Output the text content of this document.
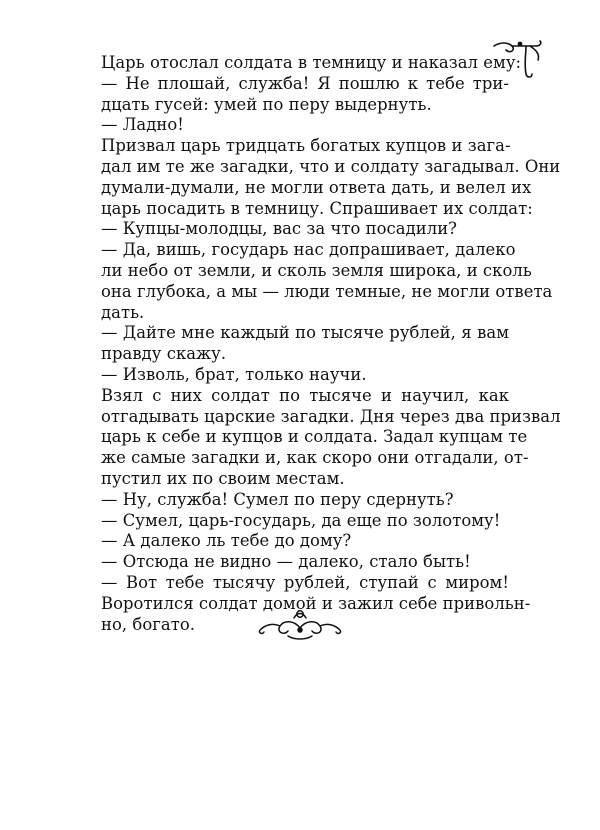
Царь отослал солдата в темницу и наказал ему:
— Не плошай, служба! Я пошлю к тебе три-
дцать гусей: умей по перу выдернуть.
— Ладно!
Призвал царь тридцать богатых купцов и зага-
дал им те же загадки, что и солдату загадывал. Они
думали-думали, не могли ответа дать, и велел их
царь посадить в темницу. Спрашивает их солдат:
— Купцы-молодцы, вас за что посадили?
— Да, вишь, государь нас допрашивает, далеко
ли небо от земли, и сколь земля широка, и сколь
она глубока, а мы — люди темные, не могли ответа
дать.
— Дайте мне каждый по тысяче рублей, я вам
правду скажу.
— Изволь, брат, только научи.
Взял с них солдат по тысяче и научил, как
отгадывать царские загадки. Дня через два призвал
царь к себе и купцов и солдата. Задал купцам те
же самые загадки и, как скоро они отгадали, от-
пустил их по своим местам.
— Ну, служба! Сумел по перу сдернуть?
— Сумел, царь-государь, да еще по золотому!
— А далеко ль тебе до дому?
— Отсюда не видно — далеко, стало быть!
— Вот тебе тысячу рублей, ступай с миром!
Воротился солдат домой и зажил себе привольн-
но, богато.
